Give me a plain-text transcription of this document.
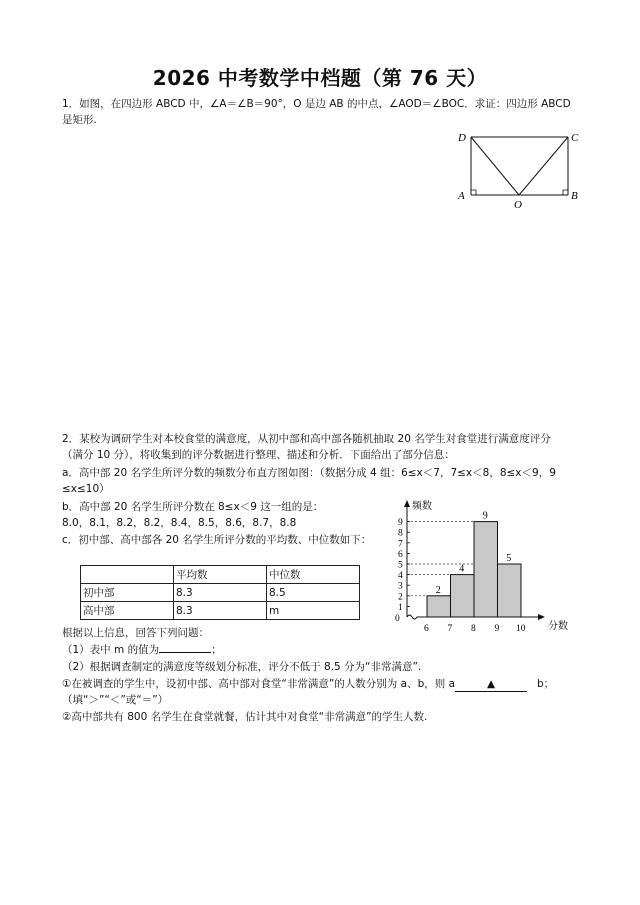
2026 中考数学中档题（第 76 天）
1．如图，在四边形 ABCD 中，∠A＝∠B＝90°，O 是边 AB 的中点，∠AOD＝∠BOC．求证：四边形 ABCD
是矩形.
D	C
A	B
O
2．某校为调研学生对本校食堂的满意度，从初中部和高中部各随机抽取 20 名学生对食堂进行满意度评分
（满分 10 分），将收集到的评分数据进行整理、描述和分析．下面给出了部分信息：
a．高中部 20 名学生所评分数的频数分布直方图如图：（数据分成 4 组：6≤x＜7，7≤x＜8，8≤x＜9，9
≤x≤10）
b．高中部 20 名学生所评分数在 8≤x＜9 这一组的是：
8.0，8.1，8.2，8.2，8.4，8.5，8.6，8.7，8.8
c．初中部、高中部各 20 名学生所评分数的平均数、中位数如下：
	平均数	中位数
初中部	8.3	8.5
高中部	8.3	m
2
4
9
5
1
2
3
4
5
6
7
8
9
0
6 7 8 9 10
频数
分数
根据以上信息，回答下列问题：
（1）表中 m 的值为	；
（2）根据调查制定的满意度等级划分标准，评分不低于 8.5 分为“非常满意”.
①在被调查的学生中，设初中部、高中部对食堂“非常满意”的人数分别为 a、b，则 a	▲	b；
（填“＞”“＜”或“＝”）
②高中部共有 800 名学生在食堂就餐，估计其中对食堂“非常满意”的学生人数.
